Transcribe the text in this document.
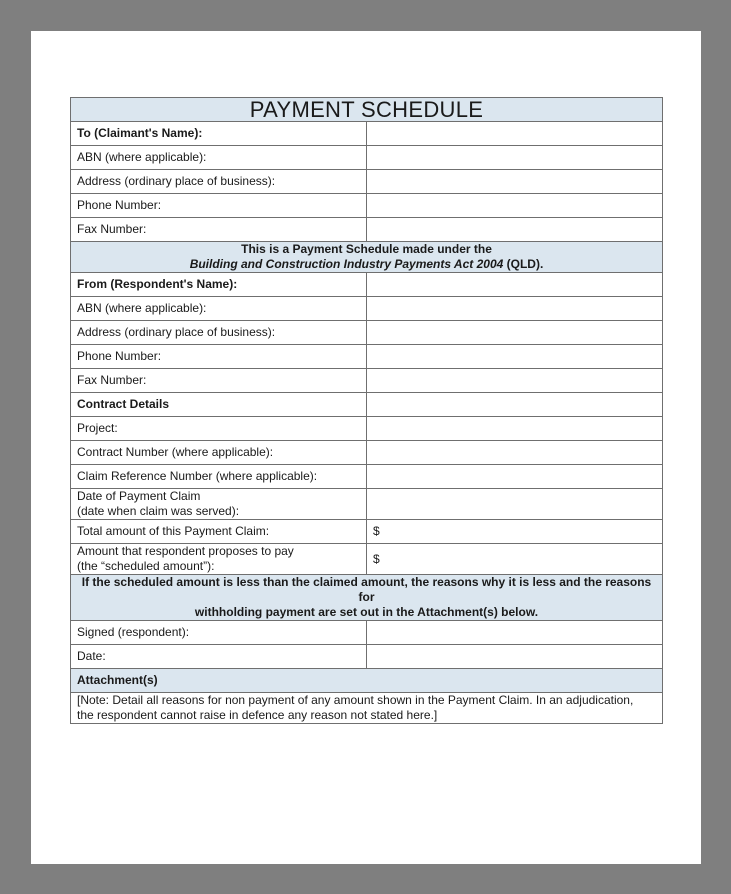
PAYMENT SCHEDULE	
To (Claimant's Name):	
ABN (where applicable):	
Address (ordinary place of business):	
Phone Number:	
Fax Number:	
This is a Payment Schedule made under the
Building and Construction Industry Payments Act 2004 (QLD).	
From (Respondent's Name):	
ABN (where applicable):	
Address (ordinary place of business):	
Phone Number:	
Fax Number:	
Contract Details	
Project:	
Contract Number (where applicable):	
Claim Reference Number (where applicable):	
Date of Payment Claim
(date when claim was served):	
Total amount of this Payment Claim:	$
Amount that respondent proposes to pay
(the “scheduled amount”):	$
If the scheduled amount is less than the claimed amount, the reasons why it is less and the reasons for
withholding payment are set out in the Attachment(s) below.	
Signed (respondent):	
Date:	
Attachment(s)	
[Note: Detail all reasons for non payment of any amount shown in the Payment Claim. In an adjudication,
the respondent cannot raise in defence any reason not stated here.]	
